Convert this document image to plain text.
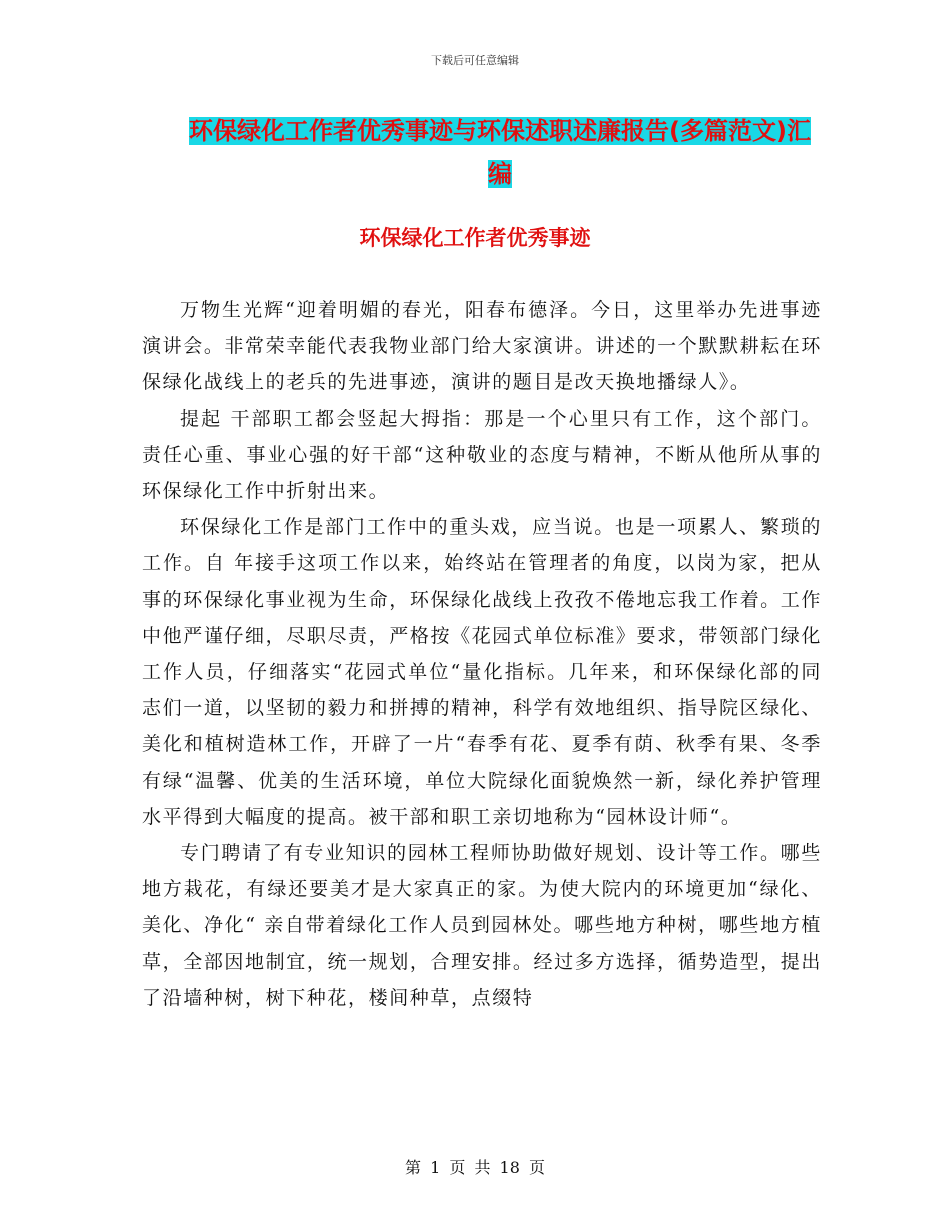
下载后可任意编辑
环保绿化工作者优秀事迹与环保述职述廉报告(多篇范文)汇编
环保绿化工作者优秀事迹

万物生光辉“迎着明媚的春光，阳春布德泽。今日，这里举办先进事迹演讲会。非常荣幸能代表我物业部门给大家演讲。讲述的一个默默耕耘在环保绿化战线上的老兵的先进事迹，演讲的题目是改天换地播绿人》。

提起 干部职工都会竖起大拇指：那是一个心里只有工作，这个部门。责任心重、事业心强的好干部“这种敬业的态度与精神，不断从他所从事的环保绿化工作中折射出来。

环保绿化工作是部门工作中的重头戏，应当说。也是一项累人、繁琐的工作。自 年接手这项工作以来，始终站在管理者的角度，以岗为家，把从事的环保绿化事业视为生命，环保绿化战线上孜孜不倦地忘我工作着。工作中他严谨仔细，尽职尽责，严格按《花园式单位标准》要求，带领部门绿化工作人员，仔细落实“花园式单位“量化指标。几年来，和环保绿化部的同志们一道，以坚韧的毅力和拼搏的精神，科学有效地组织、指导院区绿化、美化和植树造林工作，开辟了一片“春季有花、夏季有荫、秋季有果、冬季有绿“温馨、优美的生活环境，单位大院绿化面貌焕然一新，绿化养护管理水平得到大幅度的提高。被干部和职工亲切地称为“园林设计师“。

专门聘请了有专业知识的园林工程师协助做好规划、设计等工作。哪些地方栽花，有绿还要美才是大家真正的家。为使大院内的环境更加“绿化、美化、净化“ 亲自带着绿化工作人员到园林处。哪些地方种树，哪些地方植草，全部因地制宜，统一规划，合理安排。经过多方选择，循势造型，提出了沿墙种树，树下种花，楼间种草，点缀特

第 1 页 共 18 页
